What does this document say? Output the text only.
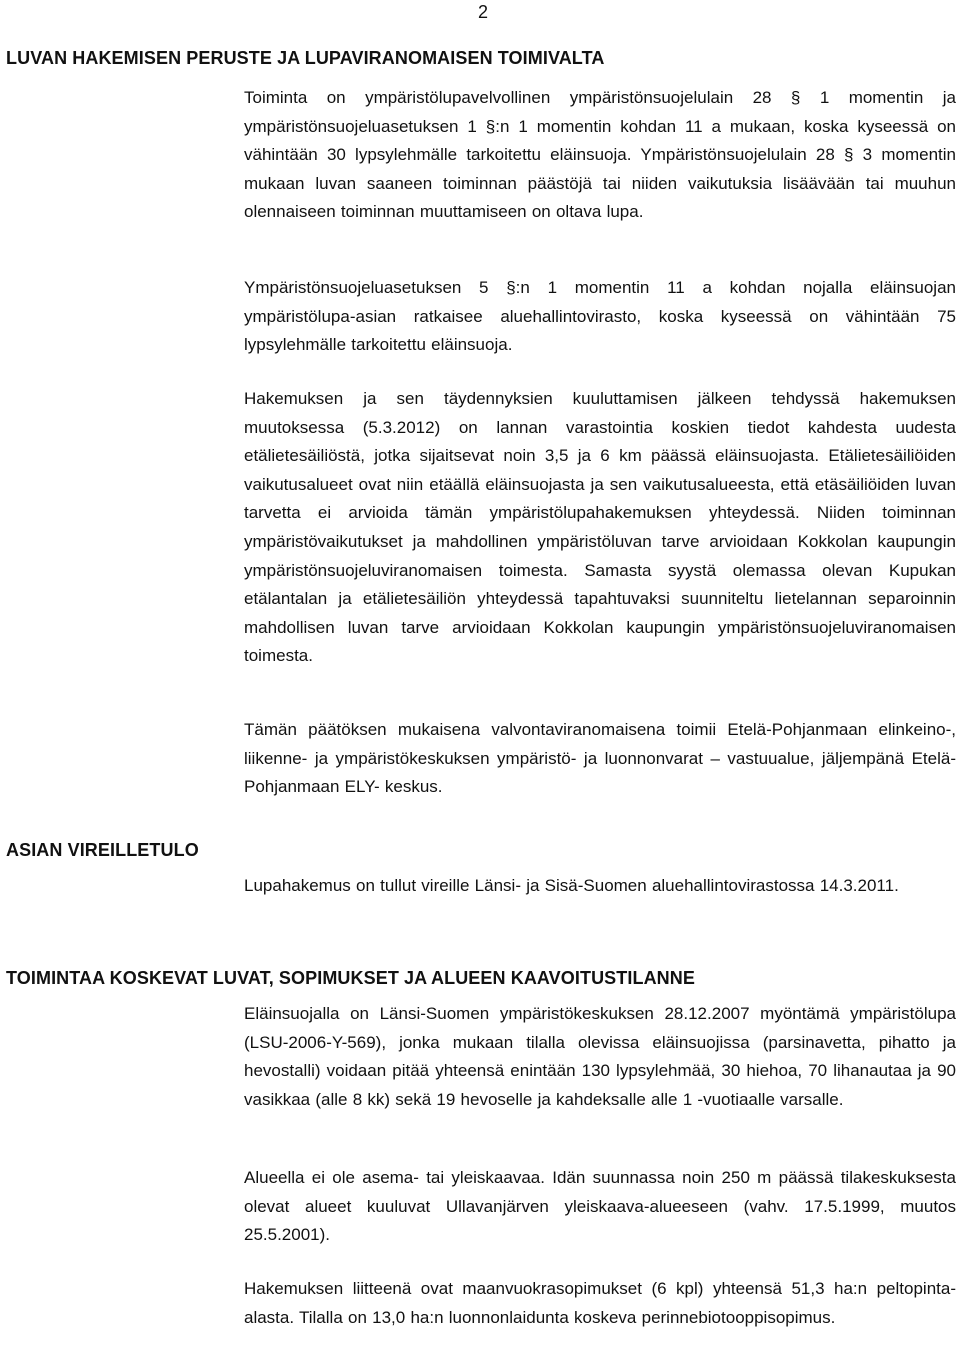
2
LUVAN HAKEMISEN PERUSTE JA LUPAVIRANOMAISEN TOIMIVALTA

Toiminta on ympäristölupavelvollinen ympäristönsuojelulain 28 § 1 momentin ja ympäristönsuojeluasetuksen 1 §:n 1 momentin kohdan 11 a mukaan, koska kyseessä on vähintään 30 lypsylehmälle tarkoitettu eläinsuoja. Ympäristönsuojelulain 28 § 3 momentin mukaan luvan saaneen toiminnan päästöjä tai niiden vaikutuksia lisäävään tai muuhun olennaiseen toiminnan muuttamiseen on oltava lupa.

Ympäristönsuojeluasetuksen 5 §:n 1 momentin 11 a kohdan nojalla eläinsuojan ympäristölupa-asian ratkaisee aluehallintovirasto, koska kyseessä on vähintään 75 lypsylehmälle tarkoitettu eläinsuoja.

Hakemuksen ja sen täydennyksien kuuluttamisen jälkeen tehdyssä hakemuksen muutoksessa (5.3.2012) on lannan varastointia koskien tiedot kahdesta uudesta etälietesäiliöstä, jotka sijaitsevat noin 3,5 ja 6 km päässä eläinsuojasta. Etälietesäiliöiden vaikutusalueet ovat niin etäällä eläinsuojasta ja sen vaikutusalueesta, että etäsäiliöiden luvan tarvetta ei arvioida tämän ympäristölupahakemuksen yhteydessä. Niiden toiminnan ympäristövaikutukset ja mahdollinen ympäristöluvan tarve arvioidaan Kokkolan kaupungin ympäristönsuojeluviranomaisen toimesta. Samasta syystä olemassa olevan Kupukan etälantalan ja etälietesäiliön yhteydessä tapahtuvaksi suunniteltu lietelannan separoinnin mahdollisen luvan tarve arvioidaan Kokkolan kaupungin ympäristönsuojeluviranomaisen toimesta.

Tämän päätöksen mukaisena valvontaviranomaisena toimii Etelä-Pohjanmaan elinkeino-, liikenne- ja ympäristökeskuksen ympäristö- ja luonnonvarat – vastuualue, jäljempänä Etelä-Pohjanmaan ELY- keskus.

ASIAN VIREILLETULO

Lupahakemus on tullut vireille Länsi- ja Sisä-Suomen aluehallintovirastossa 14.3.2011.

TOIMINTAA KOSKEVAT LUVAT, SOPIMUKSET JA ALUEEN KAAVOITUSTILANNE

Eläinsuojalla on Länsi-Suomen ympäristökeskuksen 28.12.2007 myöntämä ympäristölupa (LSU-2006-Y-569), jonka mukaan tilalla olevissa eläinsuojissa (parsinavetta, pihatto ja hevostalli) voidaan pitää yhteensä enintään 130 lypsylehmää, 30 hiehoa, 70 lihanautaa ja 90 vasikkaa (alle 8 kk) sekä 19 hevoselle ja kahdeksalle alle 1 -vuotiaalle varsalle.

Alueella ei ole asema- tai yleiskaavaa. Idän suunnassa noin 250 m päässä tilakeskuksesta olevat alueet kuuluvat Ullavanjärven yleiskaava-alueeseen (vahv. 17.5.1999, muutos 25.5.2001).

Hakemuksen liitteenä ovat maanvuokrasopimukset (6 kpl) yhteensä 51,3 ha:n peltopinta-alasta. Tilalla on 13,0 ha:n luonnonlaidunta koskeva perinnebiotooppisopimus.
